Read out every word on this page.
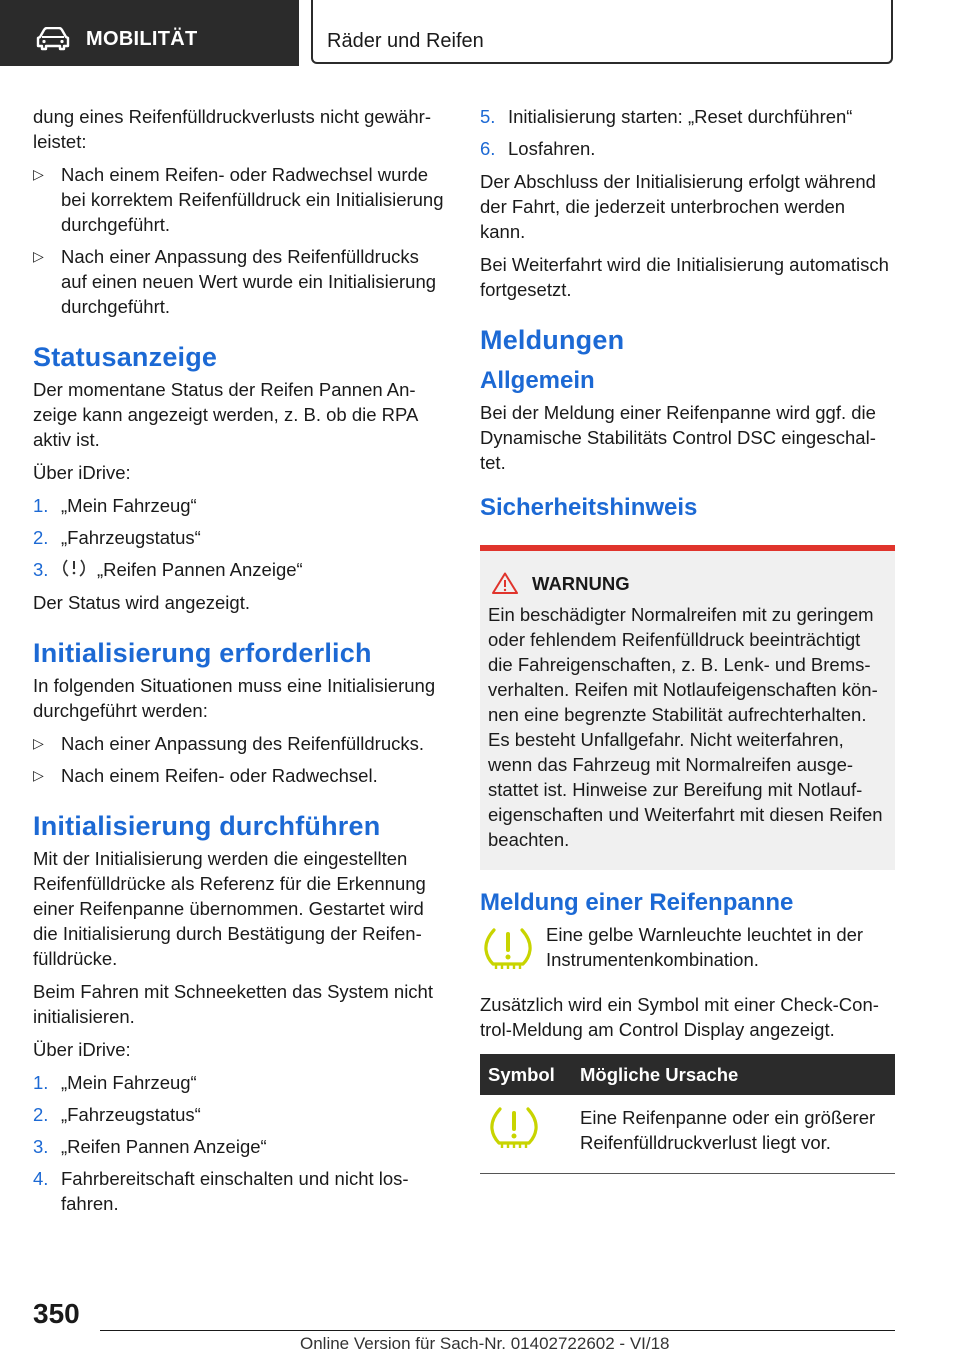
MOBILITÄT	Räder und Reifen

dung eines Reifenfülldruckverlusts nicht gewährleistet:

▷ Nach einem Reifen- oder Radwechsel wurde bei korrektem Reifenfülldruck ein Initialisierung durchgeführt.
▷ Nach einer Anpassung des Reifenfülldrucks auf einen neuen Wert wurde ein Initialisierung durchgeführt.
Statusanzeige

Der momentane Status der Reifen Pannen Anzeige kann angezeigt werden, z. B. ob die RPA aktiv ist.

Über iDrive:

1. „Mein Fahrzeug“
2. „Fahrzeugstatus“
3.	„Reifen Pannen Anzeige“

Der Status wird angezeigt.

Initialisierung erforderlich

In folgenden Situationen muss eine Initialisierung durchgeführt werden:

▷ Nach einer Anpassung des Reifenfülldrucks.
▷ Nach einem Reifen- oder Radwechsel.
Initialisierung durchführen

Mit der Initialisierung werden die eingestellten Reifenfülldrücke als Referenz für die Erkennung einer Reifenpanne übernommen. Gestartet wird die Initialisierung durch Bestätigung der Reifenfülldrücke.

Beim Fahren mit Schneeketten das System nicht initialisieren.

Über iDrive:

1. „Mein Fahrzeug“
2. „Fahrzeugstatus“
3. „Reifen Pannen Anzeige“
4. Fahrbereitschaft einschalten und nicht losfahren.
5. Initialisierung starten: „Reset durchführen“
6. Losfahren.

Der Abschluss der Initialisierung erfolgt während der Fahrt, die jederzeit unterbrochen werden kann.

Bei Weiterfahrt wird die Initialisierung automatisch fortgesetzt.

Meldungen
Allgemein

Bei der Meldung einer Reifenpanne wird ggf. die Dynamische Stabilitäts Control DSC eingeschaltet.

Sicherheitshinweis
WARNUNG
Ein beschädigter Normalreifen mit zu geringem oder fehlendem Reifenfülldruck beeinträchtigt die Fahreigenschaften, z. B. Lenk- und Bremsverhalten. Reifen mit Notlaufeigenschaften können eine begrenzte Stabilität aufrechterhalten. Es besteht Unfallgefahr. Nicht weiterfahren, wenn das Fahrzeug mit Normalreifen ausgestattet ist. Hinweise zur Bereifung mit Notlaufeigenschaften und Weiterfahrt mit diesen Reifen beachten.
Meldung einer Reifenpanne
Eine gelbe Warnleuchte leuchtet in der Instrumentenkombination.

Zusätzlich wird ein Symbol mit einer Check-Control-Meldung am Control Display angezeigt.

Symbol	Mögliche Ursache
	Eine Reifenpanne oder ein größerer Reifenfülldruckverlust liegt vor.
350
Online Version für Sach-Nr. 01402722602 - VI/18
